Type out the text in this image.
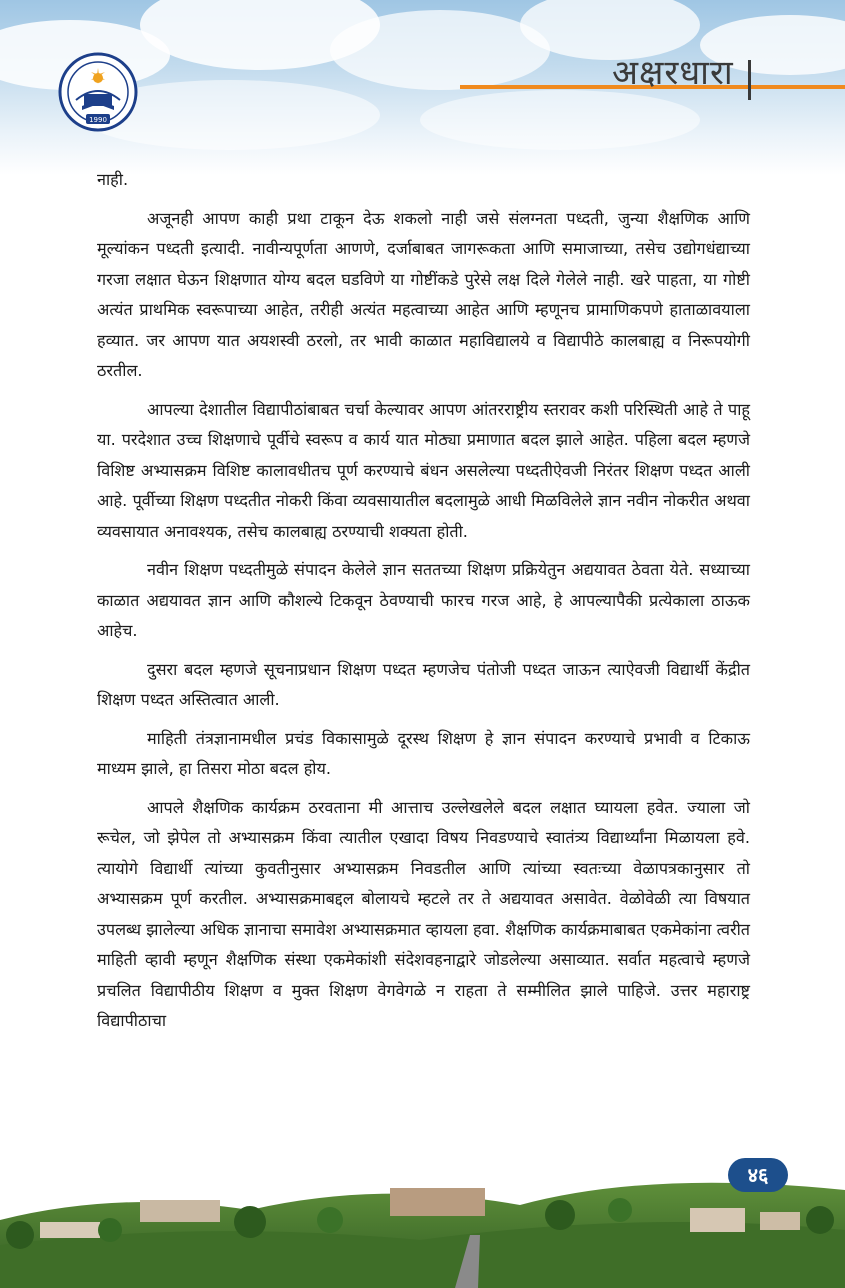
1990
अक्षरधारा

नाही.

अजूनही आपण काही प्रथा टाकून देऊ शकलो नाही जसे संलग्नता पध्दती, जुन्या शैक्षणिक आणि मूल्यांकन पध्दती इत्यादी. नावीन्यपूर्णता आणणे, दर्जाबाबत जागरूकता आणि समाजाच्या, तसेच उद्योगधंद्याच्या गरजा लक्षात घेऊन शिक्षणात योग्य बदल घडविणे या गोष्टींकडे पुरेसे लक्ष दिले गेलेले नाही. खरे पाहता, या गोष्टी अत्यंत प्राथमिक स्वरूपाच्या आहेत, तरीही अत्यंत महत्वाच्या आहेत आणि म्हणूनच प्रामाणिकपणे हाताळावयाला हव्यात. जर आपण यात अयशस्वी ठरलो, तर भावी काळात महाविद्यालये व विद्यापीठे कालबाह्य व निरूपयोगी ठरतील.

आपल्या देशातील विद्यापीठांबाबत चर्चा केल्यावर आपण आंतरराष्ट्रीय स्तरावर कशी परिस्थिती आहे ते पाहू या. परदेशात उच्च शिक्षणाचे पूर्वीचे स्वरूप व कार्य यात मोठ्या प्रमाणात बदल झाले आहेत. पहिला बदल म्हणजे विशिष्ट अभ्यासक्रम विशिष्ट कालावधीतच पूर्ण करण्याचे बंधन असलेल्या पध्दतीऐवजी निरंतर शिक्षण पध्दत आली आहे. पूर्वीच्या शिक्षण पध्दतीत नोकरी किंवा व्यवसायातील बदलामुळे आधी मिळविलेले ज्ञान नवीन नोकरीत अथवा व्यवसायात अनावश्यक, तसेच कालबाह्य ठरण्याची शक्यता होती.

नवीन शिक्षण पध्दतीमुळे संपादन केलेले ज्ञान सततच्या शिक्षण प्रक्रियेतुन अद्ययावत ठेवता येते. सध्याच्या काळात अद्ययावत ज्ञान आणि कौशल्ये टिकवून ठेवण्याची फारच गरज आहे, हे आपल्यापैकी प्रत्येकाला ठाऊक आहेच.

दुसरा बदल म्हणजे सूचनाप्रधान शिक्षण पध्दत म्हणजेच पंतोजी पध्दत जाऊन त्याऐवजी विद्यार्थी केंद्रीत शिक्षण पध्दत अस्तित्वात आली.

माहिती तंत्रज्ञानामधील प्रचंड विकासामुळे दूरस्थ शिक्षण हे ज्ञान संपादन करण्याचे प्रभावी व टिकाऊ माध्यम झाले, हा तिसरा मोठा बदल होय.

आपले शैक्षणिक कार्यक्रम ठरवताना मी आत्ताच उल्लेखलेले बदल लक्षात घ्यायला हवेत. ज्याला जो रूचेल, जो झेपेल तो अभ्यासक्रम किंवा त्यातील एखादा विषय निवडण्याचे स्वातंत्र्य विद्यार्थ्यांना मिळायला हवे. त्यायोगे विद्यार्थी त्यांच्या कुवतीनुसार अभ्यासक्रम निवडतील आणि त्यांच्या स्वतःच्या वेळापत्रकानुसार तो अभ्यासक्रम पूर्ण करतील. अभ्यासक्रमाबद्दल बोलायचे म्हटले तर ते अद्ययावत असावेत. वेळोवेळी त्या विषयात उपलब्ध झालेल्या अधिक ज्ञानाचा समावेश अभ्यासक्रमात व्हायला हवा. शैक्षणिक कार्यक्रमाबाबत एकमेकांना त्वरीत माहिती व्हावी म्हणून शैक्षणिक संस्था एकमेकांशी संदेशवहनाद्वारे जोडलेल्या असाव्यात. सर्वात महत्वाचे म्हणजे प्रचलित विद्यापीठीय शिक्षण व मुक्त शिक्षण वेगवेगळे न राहता ते सम्मीलित झाले पाहिजे. उत्तर महाराष्ट्र विद्यापीठाचा

४६
